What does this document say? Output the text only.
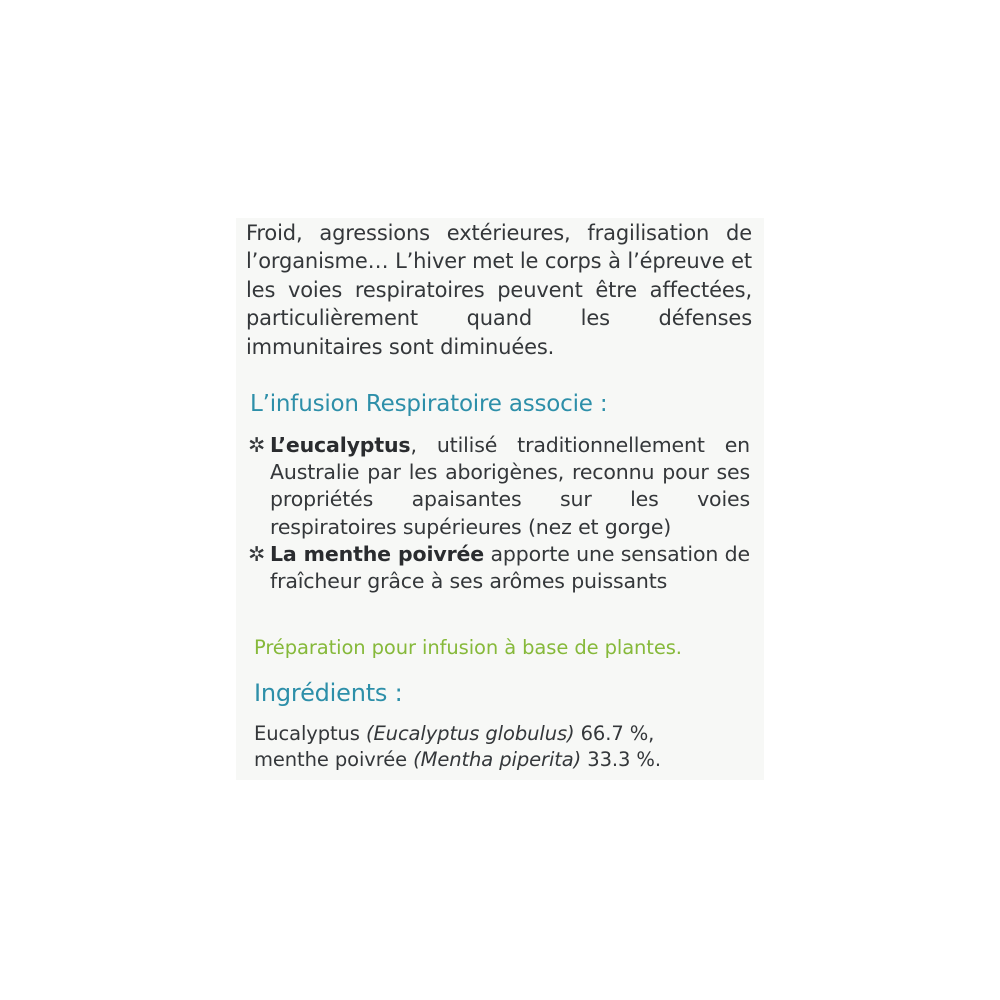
Froid, agressions extérieures, fragilisation de l’organisme… L’hiver met le corps à l’épreuve et les voies respiratoires peuvent être affectées, particulièrement quand les défenses immunitaires sont diminuées.

L’infusion Respiratoire associe :
✲ L’eucalyptus, utilisé traditionnellement en Australie par les aborigènes, reconnu pour ses propriétés apaisantes sur les voies respiratoires supérieures (nez et gorge)
✲ La menthe poivrée apporte une sensation de fraîcheur grâce à ses arômes puissants

Préparation pour infusion à base de plantes.

Ingrédients :

Eucalyptus (Eucalyptus globulus) 66.7 %,
menthe poivrée (Mentha piperita) 33.3 %.
